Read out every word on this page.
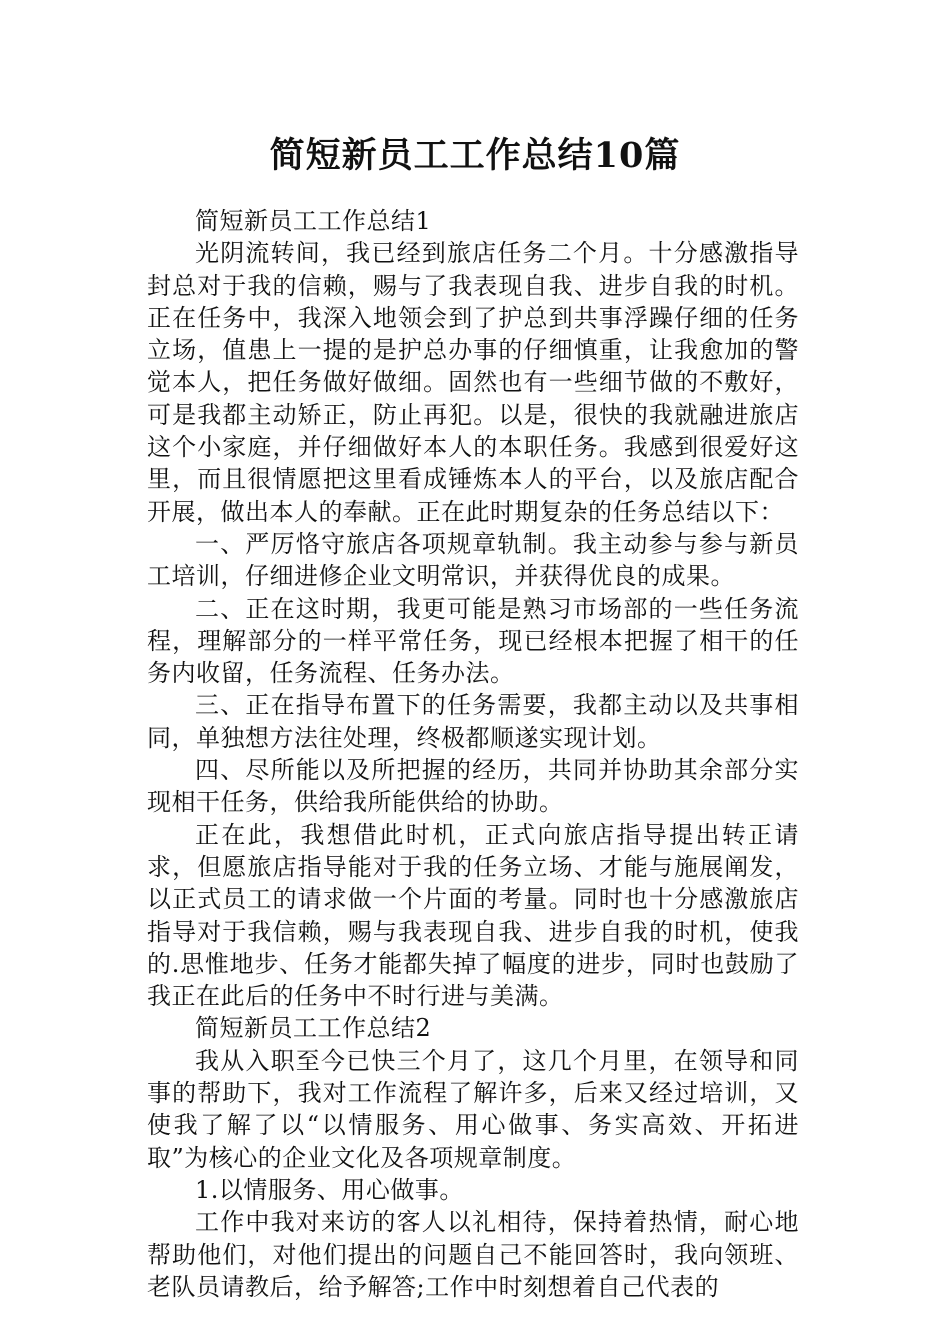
简短新员工工作总结10篇

简短新员工工作总结1

光阴流转间，我已经到旅店任务二个月。十分感激指导封总对于我的信赖，赐与了我表现自我、进步自我的时机。正在任务中，我深入地领会到了护总到共事浮躁仔细的任务立场，值患上一提的是护总办事的仔细慎重，让我愈加的警觉本人，把任务做好做细。固然也有一些细节做的不敷好，可是我都主动矫正，防止再犯。以是，很快的我就融进旅店这个小家庭，并仔细做好本人的本职任务。我感到很爱好这里，而且很情愿把这里看成锤炼本人的平台，以及旅店配合开展，做出本人的奉献。正在此时期复杂的任务总结以下：

一、严厉恪守旅店各项规章轨制。我主动参与参与新员工培训，仔细进修企业文明常识，并获得优良的成果。

二、正在这时期，我更可能是熟习市场部的一些任务流程，理解部分的一样平常任务，现已经根本把握了相干的任务内收留，任务流程、任务办法。

三、正在指导布置下的任务需要，我都主动以及共事相同，单独想方法往处理，终极都顺遂实现计划。

四、尽所能以及所把握的经历，共同并协助其余部分实现相干任务，供给我所能供给的协助。

正在此，我想借此时机，正式向旅店指导提出转正请求，但愿旅店指导能对于我的任务立场、才能与施展阐发，以正式员工的请求做一个片面的考量。同时也十分感激旅店指导对于我信赖，赐与我表现自我、进步自我的时机，使我的.思惟地步、任务才能都失掉了幅度的进步，同时也鼓励了我正在此后的任务中不时行进与美满。

简短新员工工作总结2

我从入职至今已快三个月了，这几个月里，在领导和同事的帮助下，我对工作流程了解许多，后来又经过培训，又使我了解了以“以情服务、用心做事、务实高效、开拓进取”为核心的企业文化及各项规章制度。

1.以情服务、用心做事。

工作中我对来访的客人以礼相待，保持着热情，耐心地帮助他们，对他们提出的问题自己不能回答时，我向领班、老队员请教后，给予解答;工作中时刻想着自己代表的
